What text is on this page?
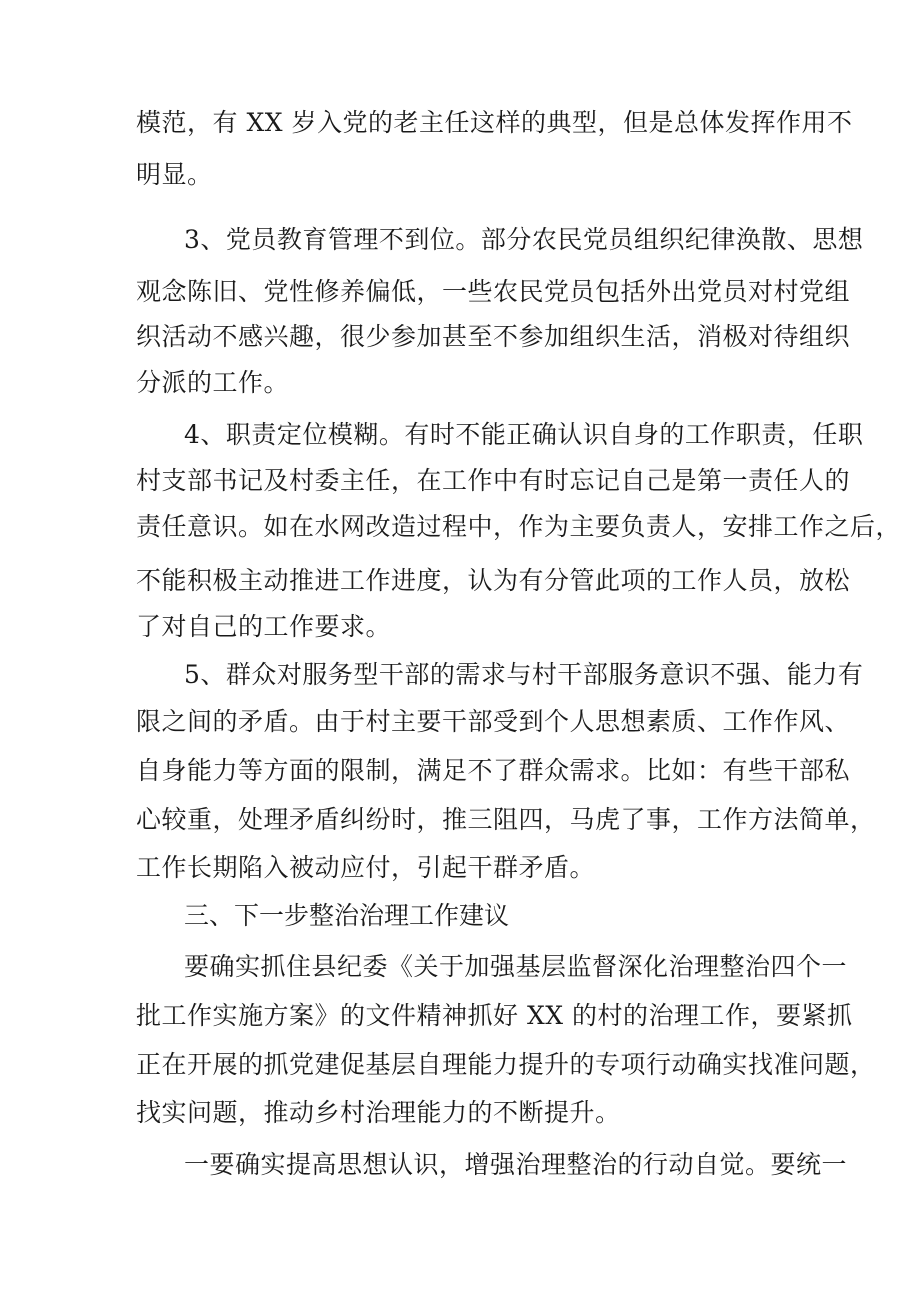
模范，有 XX 岁入党的老主任这样的典型，但是总体发挥作用不
明显。
3、党员教育管理不到位。部分农民党员组织纪律涣散、思想
观念陈旧、党性修养偏低，一些农民党员包括外出党员对村党组
织活动不感兴趣，很少参加甚至不参加组织生活，消极对待组织
分派的工作。
4、职责定位模糊。有时不能正确认识自身的工作职责，任职
村支部书记及村委主任，在工作中有时忘记自己是第一责任人的
责任意识。如在水网改造过程中，作为主要负责人，安排工作之后，
不能积极主动推进工作进度，认为有分管此项的工作人员，放松
了对自己的工作要求。
5、群众对服务型干部的需求与村干部服务意识不强、能力有
限之间的矛盾。由于村主要干部受到个人思想素质、工作作风、
自身能力等方面的限制，满足不了群众需求。比如：有些干部私
心较重，处理矛盾纠纷时，推三阻四，马虎了事，工作方法简单，
工作长期陷入被动应付，引起干群矛盾。
三、下一步整治治理工作建议
要确实抓住县纪委《关于加强基层监督深化治理整治四个一
批工作实施方案》的文件精神抓好 XX 的村的治理工作，要紧抓
正在开展的抓党建促基层自理能力提升的专项行动确实找准问题，
找实问题，推动乡村治理能力的不断提升。
一要确实提高思想认识，增强治理整治的行动自觉。要统一
